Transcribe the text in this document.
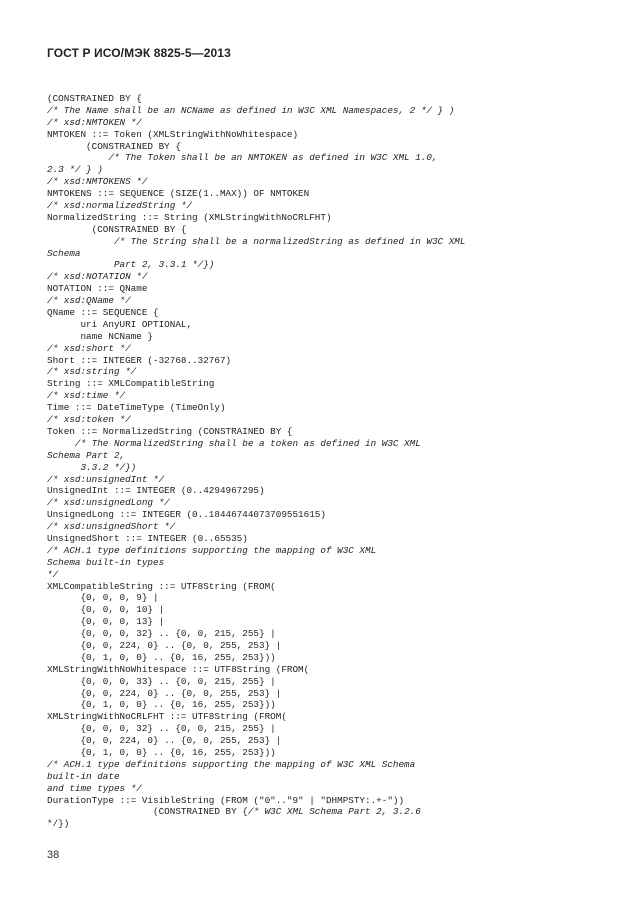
ГОСТ Р ИСО/МЭК 8825-5—2013
(CONSTRAINED BY {
/* The Name shall be an NCName as defined in W3C XML Namespaces, 2 */ } )
/* xsd:NMTOKEN */
NMTOKEN ::= Token (XMLStringWithNoWhitespace)
(CONSTRAINED BY {
/* The Token shall be an NMTOKEN as defined in W3C XML 1.0,
2.3 */ } )
/* xsd:NMTOKENS */
NMTOKENS ::= SEQUENCE (SIZE(1..MAX)) OF NMTOKEN
/* xsd:normalizedString */
NormalizedString ::= String (XMLStringWithNoCRLFHT)
(CONSTRAINED BY {
/* The String shall be a normalizedString as defined in W3C XML
Schema
Part 2, 3.3.1 */})
/* xsd:NOTATION */
NOTATION ::= QName
/* xsd:QName */
QName ::= SEQUENCE {
uri AnyURI OPTIONAL,
name NCName }
/* xsd:short */
Short ::= INTEGER (-32768..32767)
/* xsd:string */
String ::= XMLCompatibleString
/* xsd:time */
Time ::= DateTimeType (TimeOnly)
/* xsd:token */
Token ::= NormalizedString (CONSTRAINED BY {
/* The NormalizedString shall be a token as defined in W3C XML
Schema Part 2,
3.3.2 */})
/* xsd:unsignedInt */
UnsignedInt ::= INTEGER (0..4294967295)
/* xsd:unsignedLong */
UnsignedLong ::= INTEGER (0..18446744073709551615)
/* xsd:unsignedShort */
UnsignedShort ::= INTEGER (0..65535)
/* ACH.1 type definitions supporting the mapping of W3C XML
Schema built-in types
*/
XMLCompatibleString ::= UTF8String (FROM(
{0, 0, 0, 9} |
{0, 0, 0, 10} |
{0, 0, 0, 13} |
{0, 0, 0, 32} .. {0, 0, 215, 255} |
{0, 0, 224, 0} .. {0, 0, 255, 253} |
{0, 1, 0, 0} .. {0, 16, 255, 253}))
XMLStringWithNoWhitespace ::= UTF8String (FROM(
{0, 0, 0, 33} .. {0, 0, 215, 255} |
{0, 0, 224, 0} .. {0, 0, 255, 253} |
{0, 1, 0, 0} .. {0, 16, 255, 253}))
XMLStringWithNoCRLFHT ::= UTF8String (FROM(
{0, 0, 0, 32} .. {0, 0, 215, 255} |
{0, 0, 224, 0} .. {0, 0, 255, 253} |
{0, 1, 0, 0} .. {0, 16, 255, 253}))
/* ACH.1 type definitions supporting the mapping of W3C XML Schema
built-in date
and time types */
DurationType ::= VisibleString (FROM ("0".."9" | "DHMPSTY:.+-"))
(CONSTRAINED BY {/* W3C XML Schema Part 2, 3.2.6
*/})
38
